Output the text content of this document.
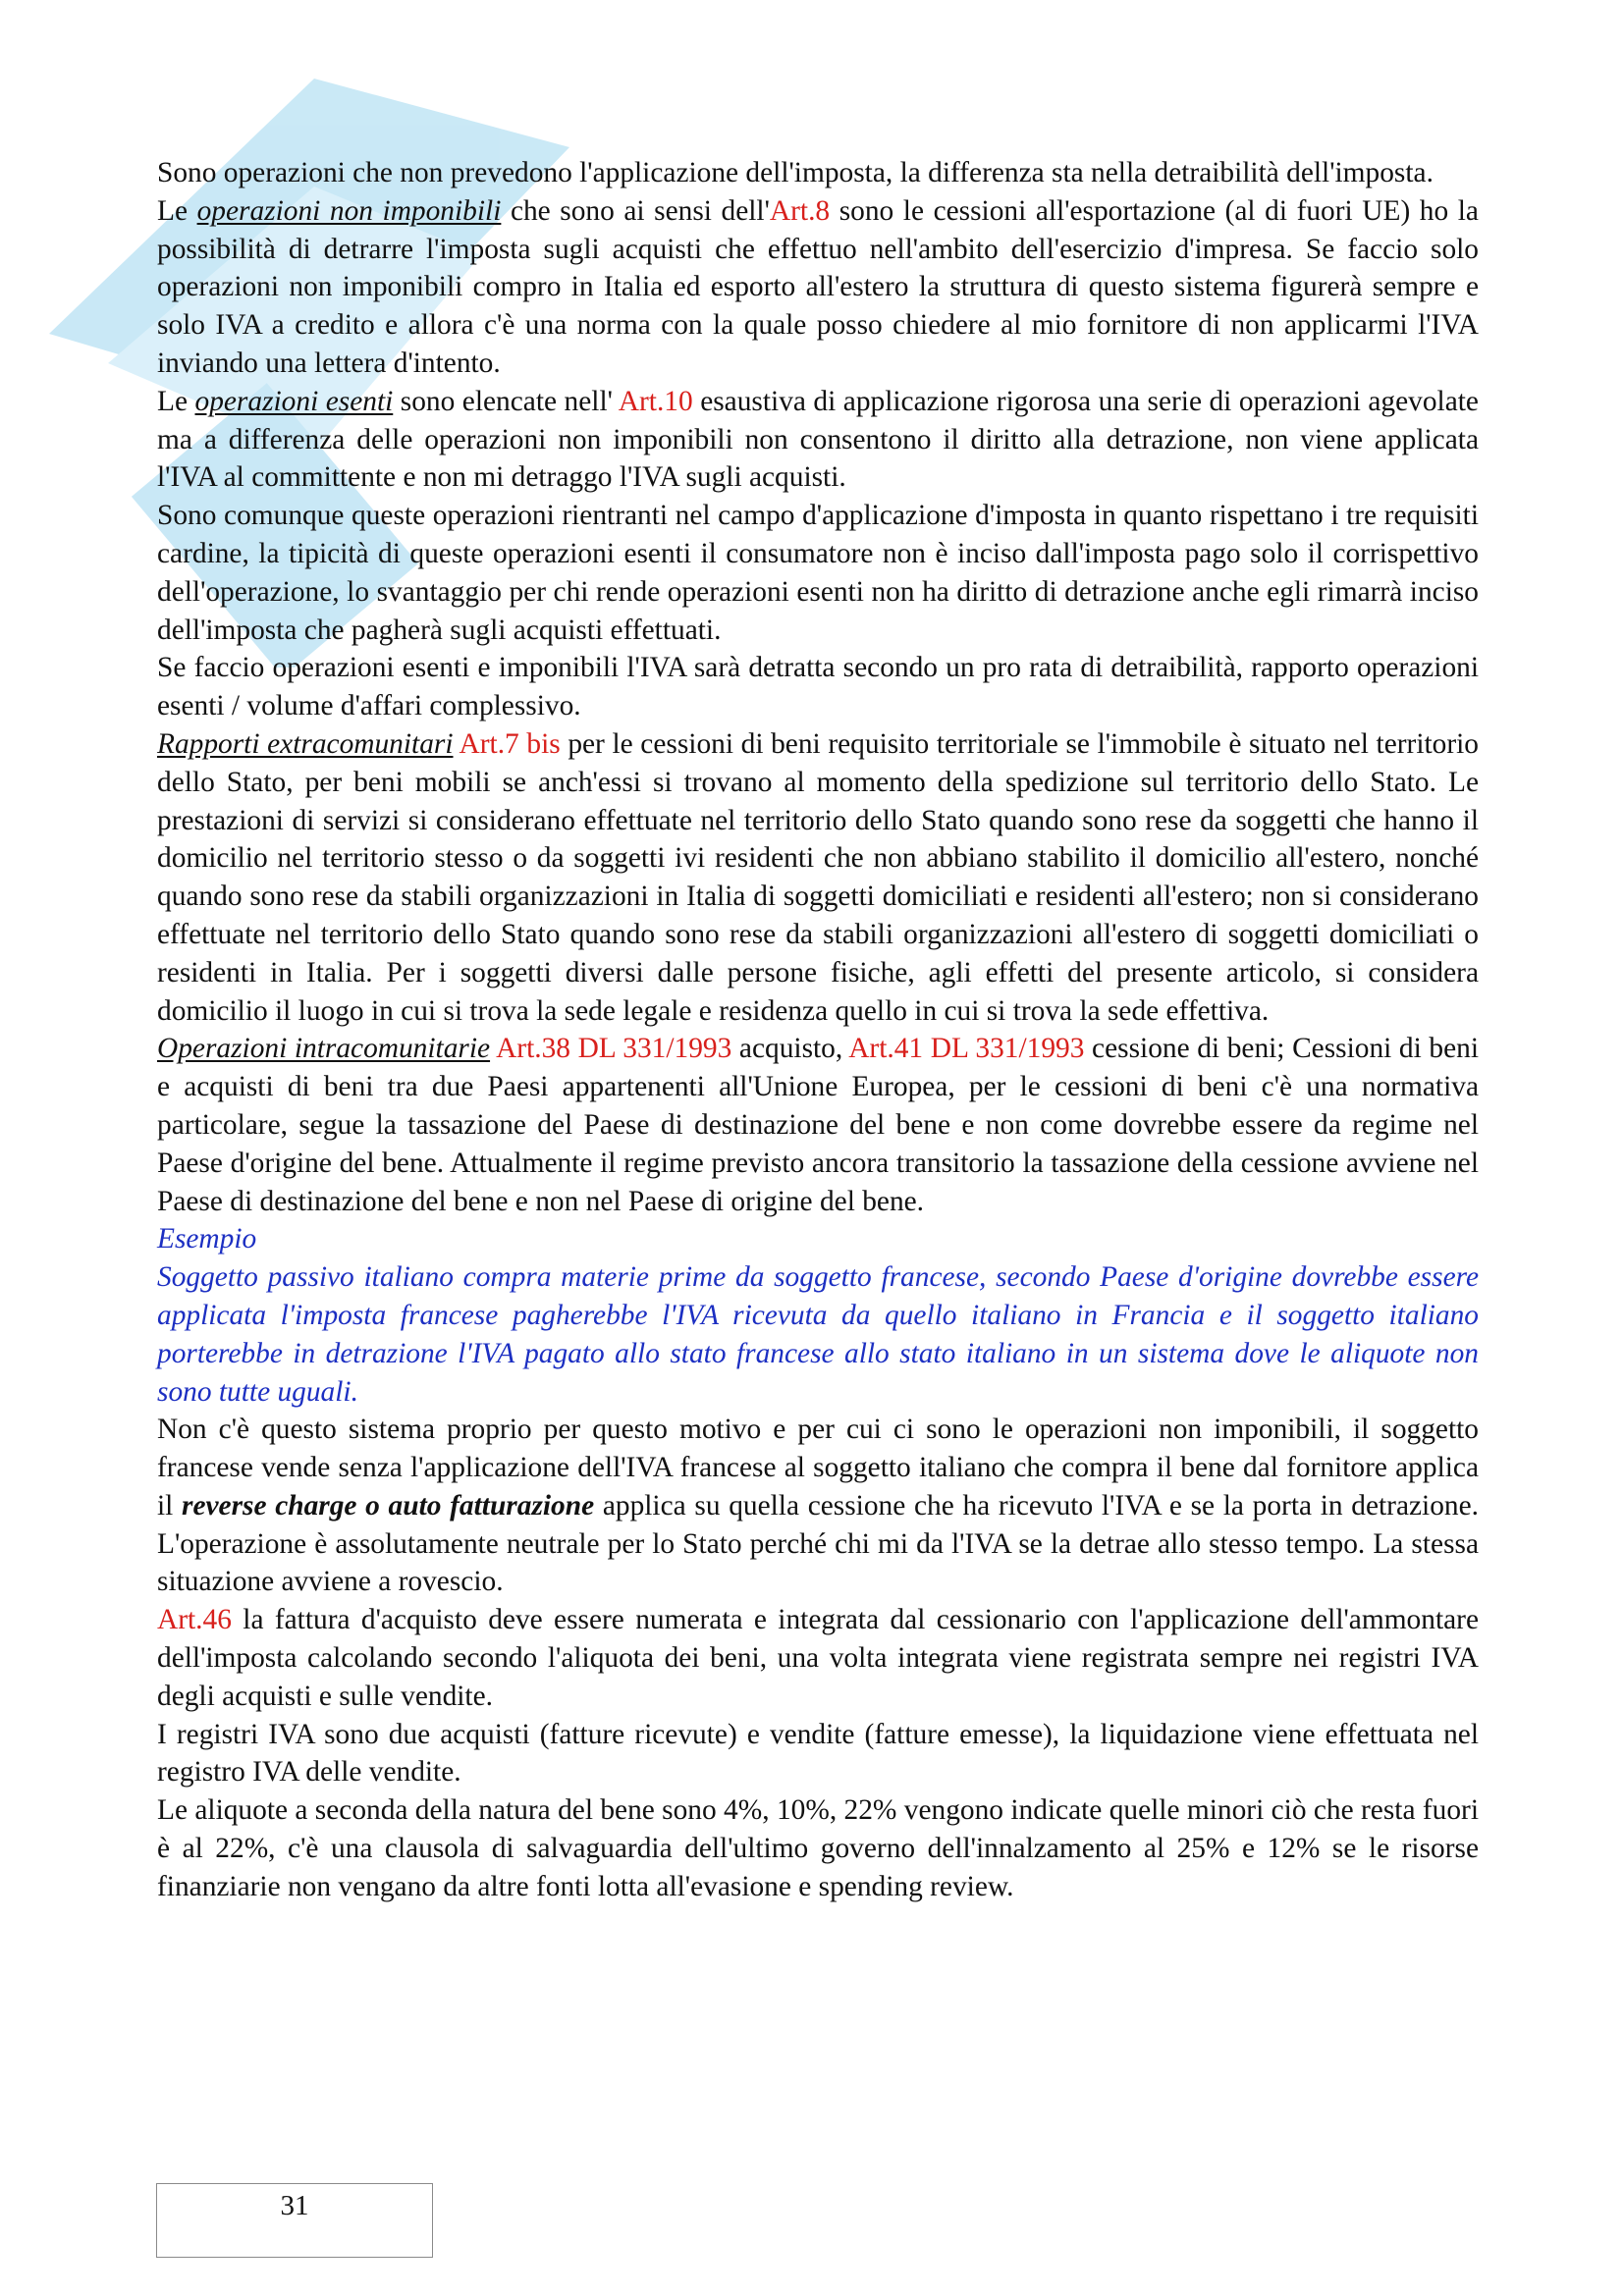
Sono operazioni che non prevedono l'applicazione dell'imposta, la differenza sta nella detraibilità dell'imposta.

Le operazioni non imponibili che sono ai sensi dell'Art.8 sono le cessioni all'esportazione (al di fuori UE) ho la possibilità di detrarre l'imposta sugli acquisti che effettuo nell'ambito dell'esercizio d'impresa. Se faccio solo operazioni non imponibili compro in Italia ed esporto all'estero la struttura di questo sistema figurerà sempre e solo IVA a credito e allora c'è una norma con la quale posso chiedere al mio fornitore di non applicarmi l'IVA inviando una lettera d'intento.

Le operazioni esenti sono elencate nell' Art.10 esaustiva di applicazione rigorosa una serie di operazioni agevolate ma a differenza delle operazioni non imponibili non consentono il diritto alla detrazione, non viene applicata l'IVA al committente e non mi detraggo l'IVA sugli acquisti.

Sono comunque queste operazioni rientranti nel campo d'applicazione d'imposta in quanto rispettano i tre requisiti cardine, la tipicità di queste operazioni esenti il consumatore non è inciso dall'imposta pago solo il corrispettivo dell'operazione, lo svantaggio per chi rende operazioni esenti non ha diritto di detrazione anche egli rimarrà inciso dell'imposta che pagherà sugli acquisti effettuati.

Se faccio operazioni esenti e imponibili l'IVA sarà detratta secondo un pro rata di detraibilità, rapporto operazioni esenti / volume d'affari complessivo.

Rapporti extracomunitari Art.7 bis per le cessioni di beni requisito territoriale se l'immobile è situato nel territorio dello Stato, per beni mobili se anch'essi si trovano al momento della spedizione sul territorio dello Stato. Le prestazioni di servizi si considerano effettuate nel territorio dello Stato quando sono rese da soggetti che hanno il domicilio nel territorio stesso o da soggetti ivi residenti che non abbiano stabilito il domicilio all'estero, nonché quando sono rese da stabili organizzazioni in Italia di soggetti domiciliati e residenti all'estero; non si considerano effettuate nel territorio dello Stato quando sono rese da stabili organizzazioni all'estero di soggetti domiciliati o residenti in Italia. Per i soggetti diversi dalle persone fisiche, agli effetti del presente articolo, si considera domicilio il luogo in cui si trova la sede legale e residenza quello in cui si trova la sede effettiva.

Operazioni intracomunitarie Art.38 DL 331/1993 acquisto, Art.41 DL 331/1993 cessione di beni; Cessioni di beni e acquisti di beni tra due Paesi appartenenti all'Unione Europea, per le cessioni di beni c'è una normativa particolare, segue la tassazione del Paese di destinazione del bene e non come dovrebbe essere da regime nel Paese d'origine del bene. Attualmente il regime previsto ancora transitorio la tassazione della cessione avviene nel Paese di destinazione del bene e non nel Paese di origine del bene.

Esempio

Soggetto passivo italiano compra materie prime da soggetto francese, secondo Paese d'origine dovrebbe essere applicata l'imposta francese pagherebbe l'IVA ricevuta da quello italiano in Francia e il soggetto italiano porterebbe in detrazione l'IVA pagato allo stato francese allo stato italiano in un sistema dove le aliquote non sono tutte uguali.

Non c'è questo sistema proprio per questo motivo e per cui ci sono le operazioni non imponibili, il soggetto francese vende senza l'applicazione dell'IVA francese al soggetto italiano che compra il bene dal fornitore applica il reverse charge o auto fatturazione applica su quella cessione che ha ricevuto l'IVA e se la porta in detrazione. L'operazione è assolutamente neutrale per lo Stato perché chi mi da l'IVA se la detrae allo stesso tempo. La stessa situazione avviene a rovescio.

Art.46 la fattura d'acquisto deve essere numerata e integrata dal cessionario con l'applicazione dell'ammontare dell'imposta calcolando secondo l'aliquota dei beni, una volta integrata viene registrata sempre nei registri IVA degli acquisti e sulle vendite.

I registri IVA sono due acquisti (fatture ricevute) e vendite (fatture emesse), la liquidazione viene effettuata nel registro IVA delle vendite.

Le aliquote a seconda della natura del bene sono 4%, 10%, 22% vengono indicate quelle minori ciò che resta fuori è al 22%, c'è una clausola di salvaguardia dell'ultimo governo dell'innalzamento al 25% e 12% se le risorse finanziarie non vengano da altre fonti lotta all'evasione e spending review.

31
